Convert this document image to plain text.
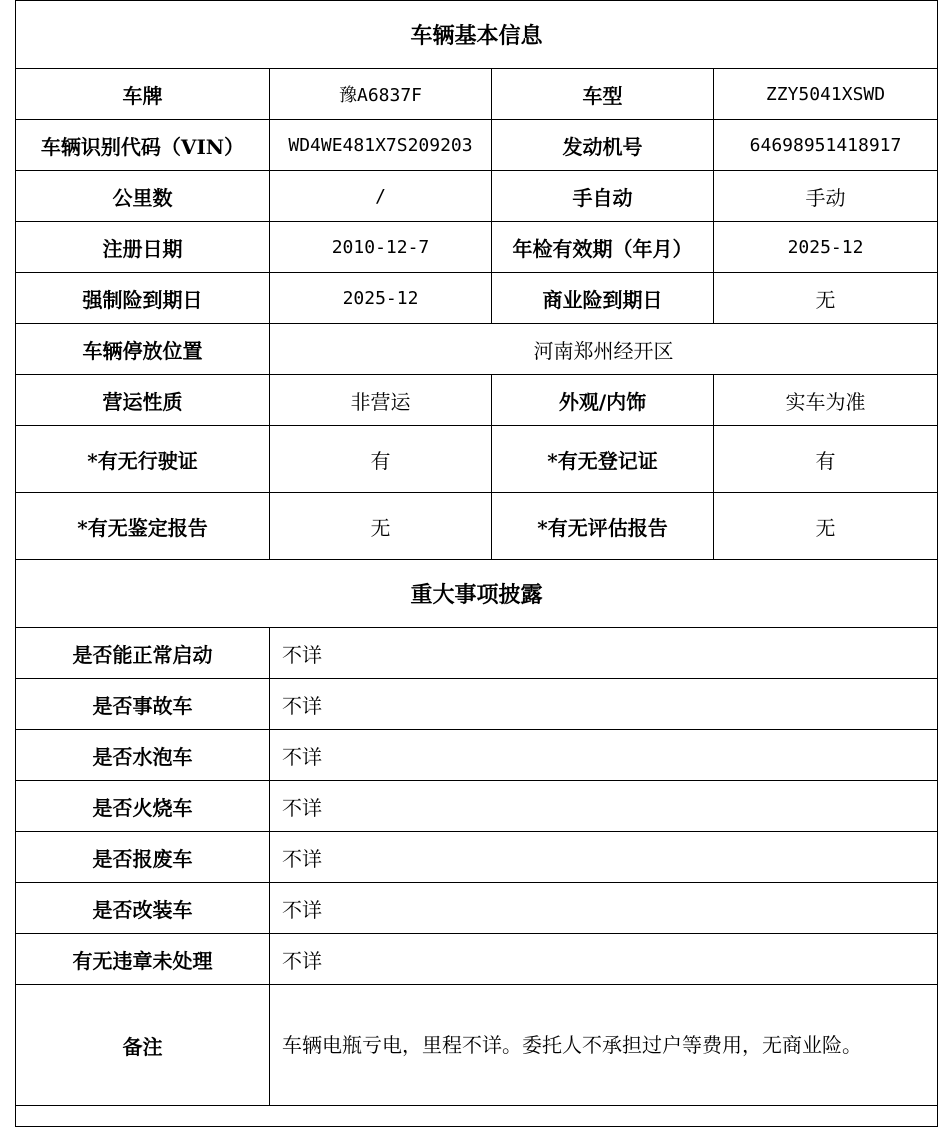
车辆基本信息			
车牌	豫A6837F	车型	ZZY5041XSWD
车辆识别代码（VIN）	WD4WE481X7S209203	发动机号	64698951418917
公里数	/	手自动	手动
注册日期	2010-12-7	年检有效期（年月）	2025-12
强制险到期日	2025-12	商业险到期日	无
车辆停放位置	河南郑州经开区		
营运性质	非营运	外观/内饰	实车为准
*有无行驶证	有	*有无登记证	有
*有无鉴定报告	无	*有无评估报告	无
重大事项披露			
是否能正常启动	不详		
是否事故车	不详		
是否水泡车	不详		
是否火烧车	不详		
是否报废车	不详		
是否改装车	不详		
有无违章未处理	不详		
备注	车辆电瓶亏电，里程不详。委托人不承担过户等费用，无商业险。		
